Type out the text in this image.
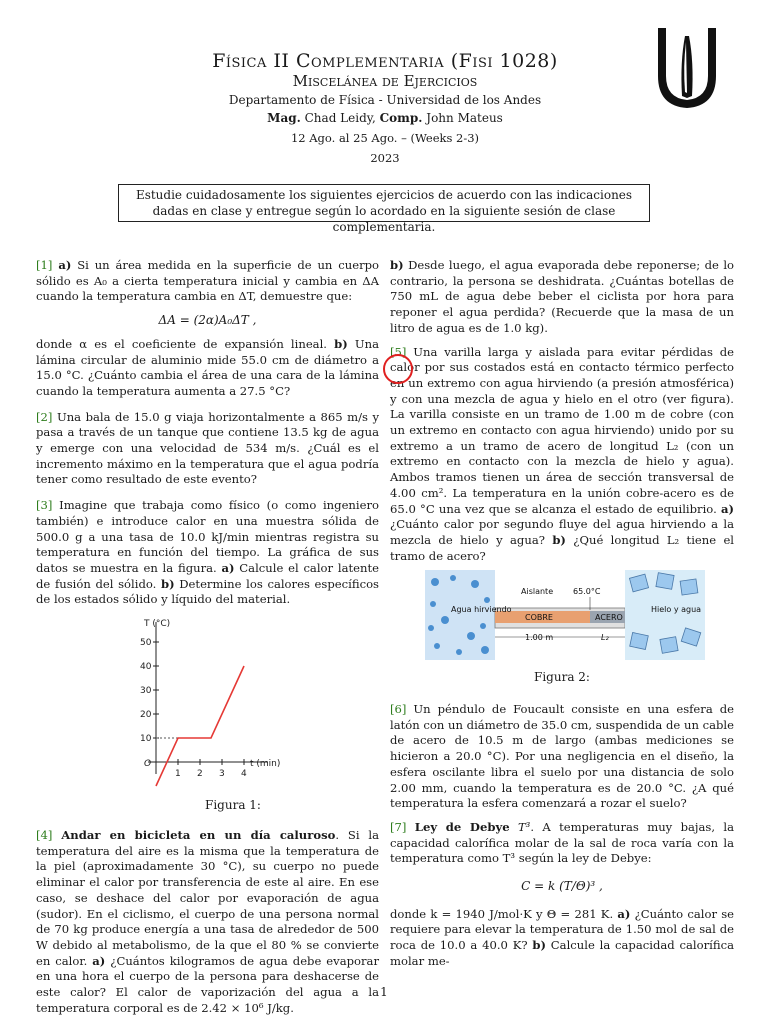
Física II Complementaria (Fisi 1028)
Miscelánea de Ejercicios
Departamento de Física - Universidad de los Andes
Mag. Chad Leidy, Comp. John Mateus
12 Ago. al 25 Ago. – (Weeks 2-3)
2023
Estudie cuidadosamente los siguientes ejercicios de acuerdo con las indicaciones dadas en clase y entregue según lo acordado en la siguiente sesión de clase complementaria.

[1] a) Si un área medida en la superficie de un cuerpo sólido es A₀ a cierta temperatura inicial y cambia en ΔA cuando la temperatura cambia en ΔT, demuestre que:

ΔA = (2α)A₀ΔT ,

donde α es el coeficiente de expansión lineal. b) Una lámina circular de aluminio mide 55.0 cm de diámetro a 15.0 °C. ¿Cuánto cambia el área de una cara de la lámina cuando la temperatura aumenta a 27.5 °C?

[2] Una bala de 15.0 g viaja horizontalmente a 865 m/s y pasa a través de un tanque que contiene 13.5 kg de agua y emerge con una velocidad de 534 m/s. ¿Cuál es el incremento máximo en la temperatura que el agua podría tener como resultado de este evento?

[3] Imagine que trabaja como físico (o como ingeniero también) e introduce calor en una muestra sólida de 500.0 g a una tasa de 10.0 kJ/min mientras registra su temperatura en función del tiempo. La gráfica de sus datos se muestra en la figura. a) Calcule el calor latente de fusión del sólido. b) Determine los calores específicos de los estados sólido y líquido del material.

T (°C)
t (min)
O
10
20
30
40
50
1 2 3 4
Figura 1:

[4] Andar en bicicleta en un día caluroso. Si la temperatura del aire es la misma que la temperatura de la piel (aproximadamente 30 °C), su cuerpo no puede eliminar el calor por transferencia de este al aire. En ese caso, se deshace del calor por evaporación de agua (sudor). En el ciclismo, el cuerpo de una persona normal de 70 kg produce energía a una tasa de alrededor de 500 W debido al metabolismo, de la que el 80 % se convierte en calor. a) ¿Cuántos kilogramos de agua debe evaporar en una hora el cuerpo de la persona para deshacerse de este calor? El calor de vaporización del agua a la temperatura corporal es de 2.42 × 10⁶ J/kg.

b) Desde luego, el agua evaporada debe reponerse; de lo contrario, la persona se deshidrata. ¿Cuántas botellas de 750 mL de agua debe beber el ciclista por hora para reponer el agua perdida? (Recuerde que la masa de un litro de agua es de 1.0 kg).

[5] Una varilla larga y aislada para evitar pérdidas de calor por sus costados está en contacto térmico perfecto en un extremo con agua hirviendo (a presión atmosférica) y con una mezcla de agua y hielo en el otro (ver figura). La varilla consiste en un tramo de 1.00 m de cobre (con un extremo en contacto con agua hirviendo) unido por su extremo a un tramo de acero de longitud L₂ (con un extremo en contacto con la mezcla de hielo y agua). Ambos tramos tienen un área de sección transversal de 4.00 cm². La temperatura en la unión cobre-acero es de 65.0 °C una vez que se alcanza el estado de equilibrio. a) ¿Cuánto calor por segundo fluye del agua hirviendo a la mezcla de hielo y agua? b) ¿Qué longitud L₂ tiene el tramo de acero?

Agua hirviendo	Hielo y agua
Aislante 65.0°C
COBRE	ACERO
1.00 m	L₂
Figura 2:

[6] Un péndulo de Foucault consiste en una esfera de latón con un diámetro de 35.0 cm, suspendida de un cable de acero de 10.5 m de largo (ambas mediciones se hicieron a 20.0 °C). Por una negligencia en el diseño, la esfera oscilante libra el suelo por una distancia de solo 2.00 mm, cuando la temperatura es de 20.0 °C. ¿A qué temperatura la esfera comenzará a rozar el suelo?

[7] Ley de Debye T³. A temperaturas muy bajas, la capacidad calorífica molar de la sal de roca varía con la temperatura como T³ según la ley de Debye:

C = k (T/Θ)³ ,

donde k = 1940 J/mol·K y Θ = 281 K. a) ¿Cuánto calor se requiere para elevar la temperatura de 1.50 mol de sal de roca de 10.0 a 40.0 K? b) Calcule la capacidad calorífica molar me-

1
